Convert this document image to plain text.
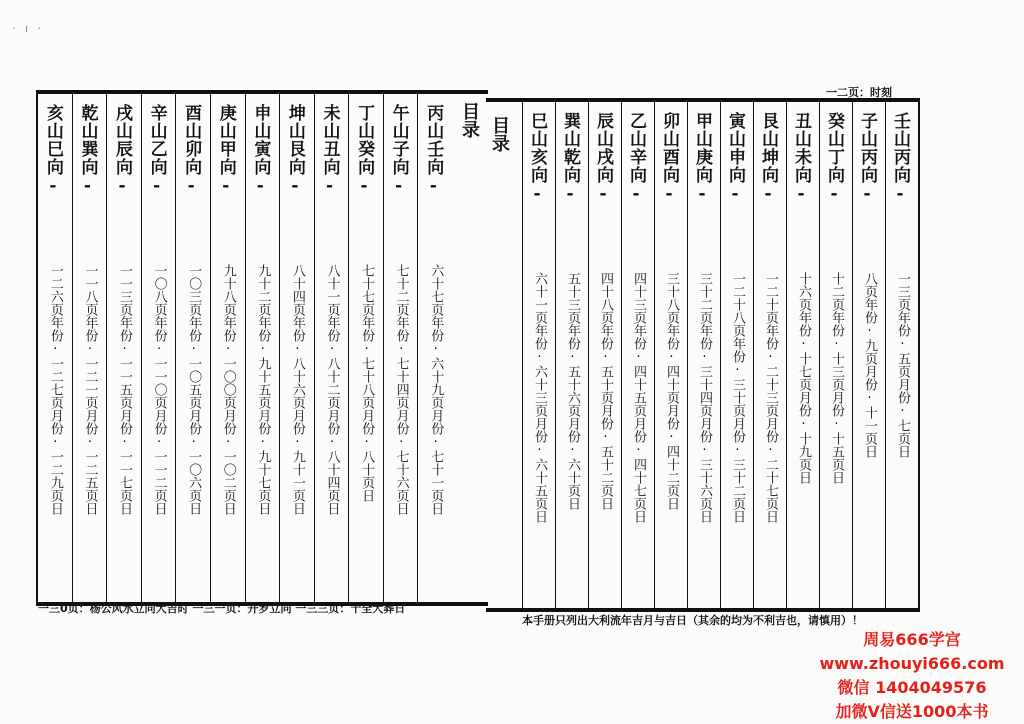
· ı ·
一二页：时刻
目录
丙山壬向-
六十七页年份·六十九页月份·七十一页日
午山子向-
七十二页年份·七十四页月份·七十六页日
丁山癸向-
七十七页年份·七十八页月份·八十页日
未山丑向-
八十一页年份·八十二页月份·八十四页日
坤山艮向-
八十四页年份·八十六页月份·九十一页日
申山寅向-
九十二页年份·九十五页月份·九十七页日
庚山甲向-
九十八页年份·一〇〇页月份·一〇二页日
酉山卯向-
一〇三页年份·一〇五页月份·一〇六页日
辛山乙向-
一〇八页年份·一一〇页月份·一一二页日
戌山辰向-
一一三页年份·一一五页月份·一一七页日
乾山巽向-
一一八页年份·一二一页月份·一二五页日
亥山巳向-
一二六页年份·一二七页月份·一二九页日
目录	壬山丙向-
一三页年份·五页月份·七页日
子山丙向-
八页年份·九页月份·十一页日
癸山丁向-
十二页年份·十三页月份·十五页日
丑山未向-
十六页年份·十七页月份·十九页日
艮山坤向-
一二十页年份·二十三页月份·二十七页日
寅山申向-
一二十八页年份·三十页月份·三十二页日
甲山庚向-
三十二页年份·三十四页月份·三十六页日
卯山酉向-
三十八页年份·四十页月份·四十二页日
乙山辛向-
四十三页年份·四十五页月份·四十七页日
辰山戌向-
四十八页年份·五十页月份·五十二页日
巽山乾向-
五十三页年份·五十六页月份·六十页日
巳山亥向-
六十一页年份·六十三页月份·六十五页日
一三0页：杨公风水立向大吉时 一三一页：开罗立向 一三三页：十全大葬日
本手册只列出大利流年吉月与吉日（其余的均为不利吉也，请慎用）！
周易666学宫
www.zhouyi666.com
微信 1404049576
加微V信送1000本书
